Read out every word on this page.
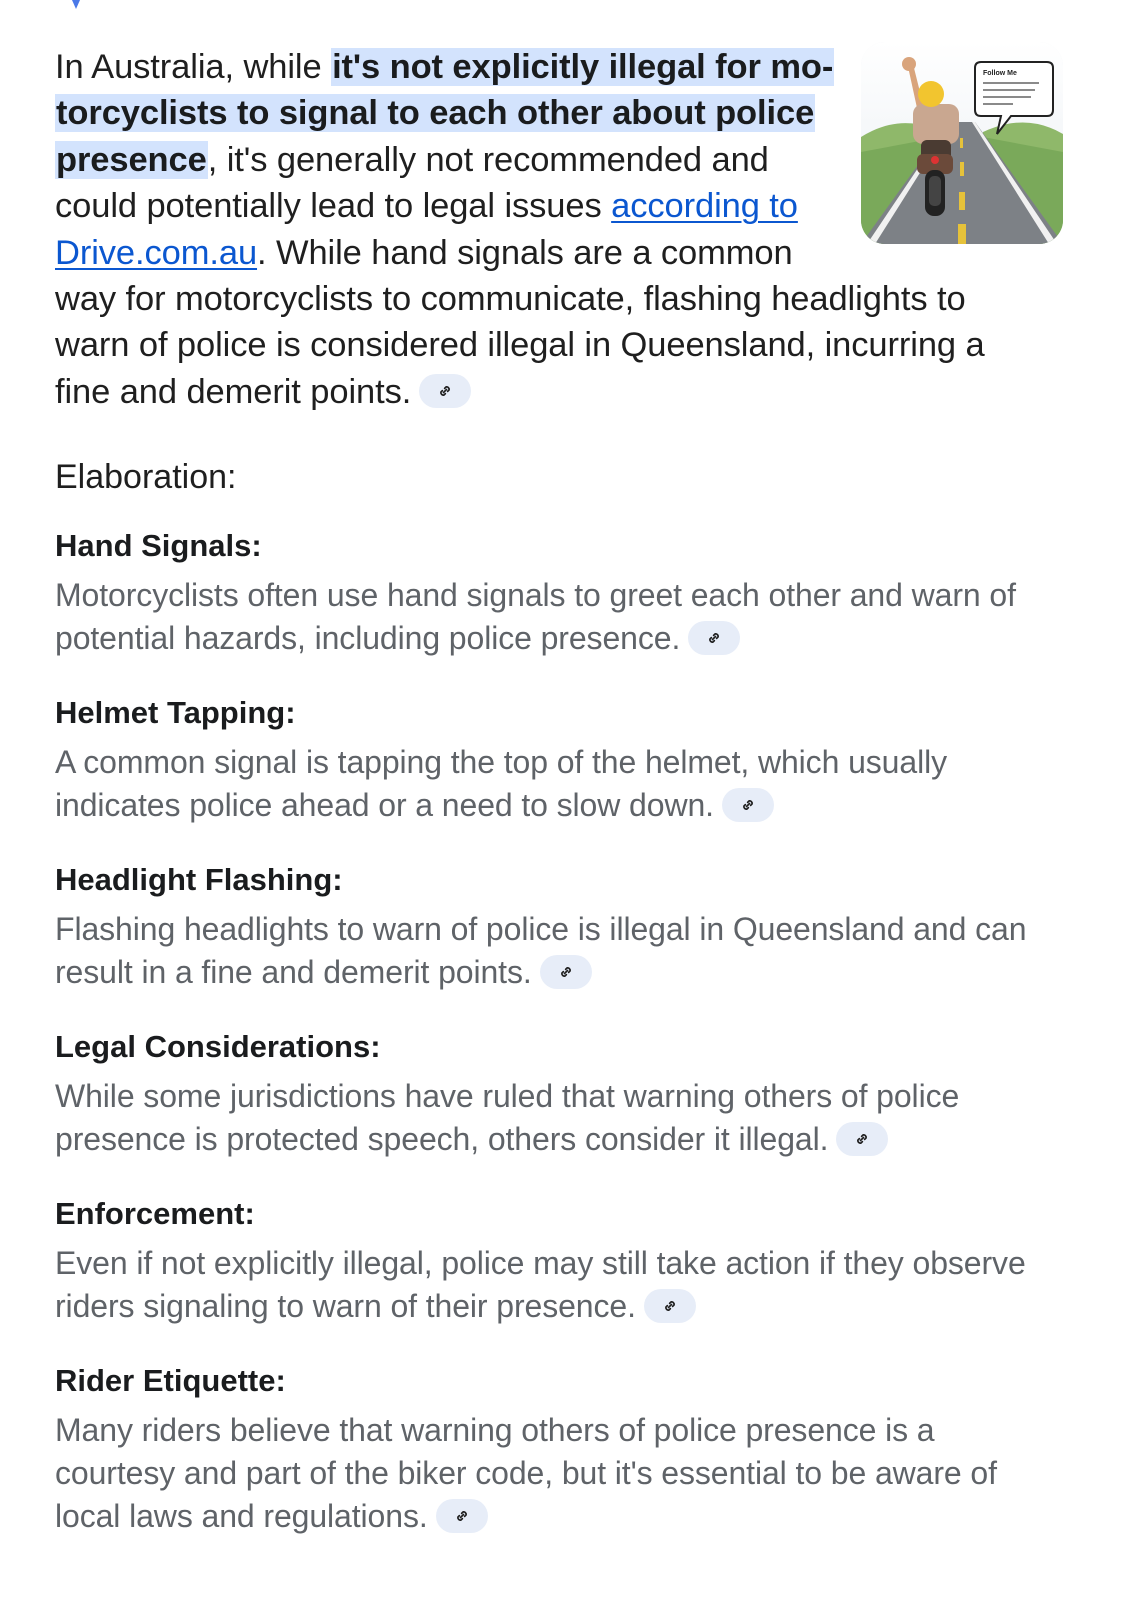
Follow Me
In Australia, while it's not explicitly illegal for mo-
torcyclists to signal to each other about police
presence, it's generally not recommended and
could potentially lead to legal issues according to
Drive.com.au. While hand signals are a common
way for motorcyclists to communicate, flashing headlights to
warn of police is considered illegal in Queensland, incurring a
fine and demerit points.
Elaboration:
Hand Signals:
Motorcyclists often use hand signals to greet each other and warn of
potential hazards, including police presence.
Helmet Tapping:
A common signal is tapping the top of the helmet, which usually
indicates police ahead or a need to slow down.
Headlight Flashing:
Flashing headlights to warn of police is illegal in Queensland and can
result in a fine and demerit points.
Legal Considerations:
While some jurisdictions have ruled that warning others of police
presence is protected speech, others consider it illegal.
Enforcement:
Even if not explicitly illegal, police may still take action if they observe
riders signaling to warn of their presence.
Rider Etiquette:
Many riders believe that warning others of police presence is a
courtesy and part of the biker code, but it's essential to be aware of
local laws and regulations.
